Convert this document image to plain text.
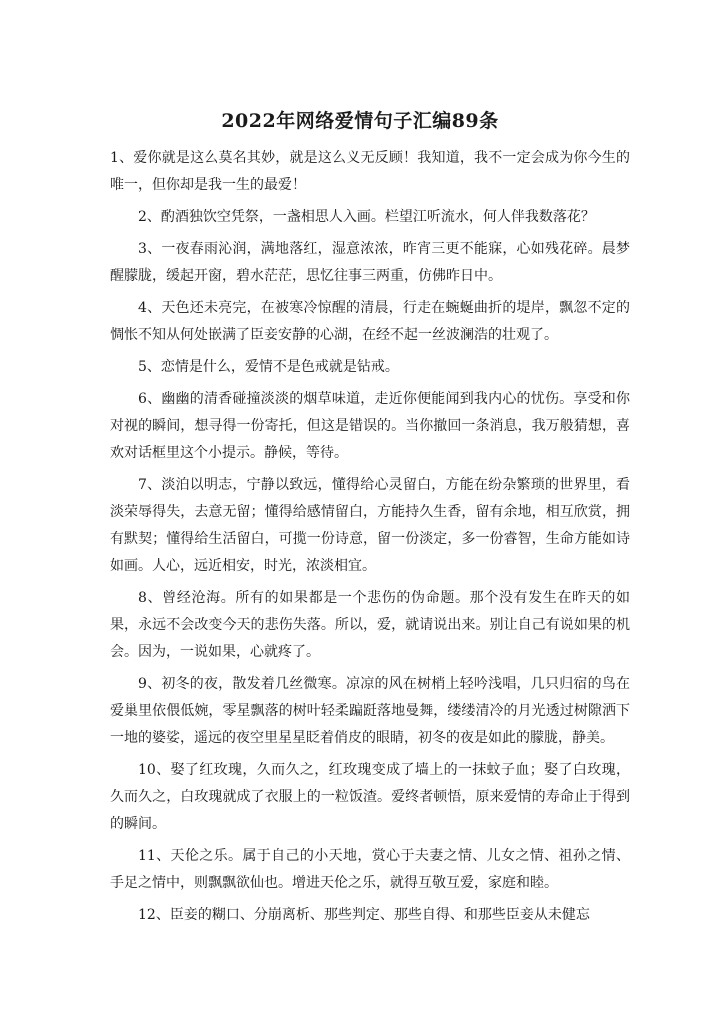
2022年网络爱情句子汇编89条

1、爱你就是这么莫名其妙，就是这么义无反顾！我知道，我不一定会成为你今生的唯一，但你却是我一生的最爱！

2、酌酒独饮空凭祭，一盏相思人入画。栏望江听流水，何人伴我数落花？

3、一夜春雨沁润，满地落红，湿意浓浓，昨宵三更不能寐，心如残花碎。晨梦醒朦胧，缓起开窗，碧水茫茫，思忆往事三两重，仿佛昨日中。

4、天色还未亮完，在被寒冷惊醒的清晨，行走在蜿蜒曲折的堤岸，飘忽不定的惆怅不知从何处嵌满了臣妾安静的心湖，在经不起一丝波澜浩的壮观了。

5、恋情是什么，爱情不是色戒就是钻戒。

6、幽幽的清香碰撞淡淡的烟草味道，走近你便能闻到我内心的忧伤。享受和你对视的瞬间，想寻得一份寄托，但这是错误的。当你撤回一条消息，我万般猜想，喜欢对话框里这个小提示。静候，等待。

7、淡泊以明志，宁静以致远，懂得给心灵留白，方能在纷杂繁琐的世界里，看淡荣辱得失，去意无留；懂得给感情留白，方能持久生香，留有余地，相互欣赏，拥有默契；懂得给生活留白，可揽一份诗意，留一份淡定，多一份睿智，生命方能如诗如画。人心，远近相安，时光，浓淡相宜。

8、曾经沧海。所有的如果都是一个悲伤的伪命题。那个没有发生在昨天的如果，永远不会改变今天的悲伤失落。所以，爱，就请说出来。别让自己有说如果的机会。因为，一说如果，心就疼了。

9、初冬的夜，散发着几丝微寒。凉凉的风在树梢上轻吟浅唱，几只归宿的鸟在爱巢里依偎低婉，零星飘落的树叶轻柔蹁跹落地曼舞，缕缕清冷的月光透过树隙洒下一地的婆娑，遥远的夜空里星星眨着俏皮的眼睛，初冬的夜是如此的朦胧，静美。

10、娶了红玫瑰，久而久之，红玫瑰变成了墙上的一抹蚊子血；娶了白玫瑰，久而久之，白玫瑰就成了衣服上的一粒饭渣。爱终者顿悟，原来爱情的寿命止于得到的瞬间。

11、天伦之乐。属于自己的小天地，赏心于夫妻之情、儿女之情、祖孙之情、手足之情中，则飘飘欲仙也。增进天伦之乐，就得互敬互爱，家庭和睦。

12、臣妾的糊口、分崩离析、那些判定、那些自得、和那些臣妾从未健忘
